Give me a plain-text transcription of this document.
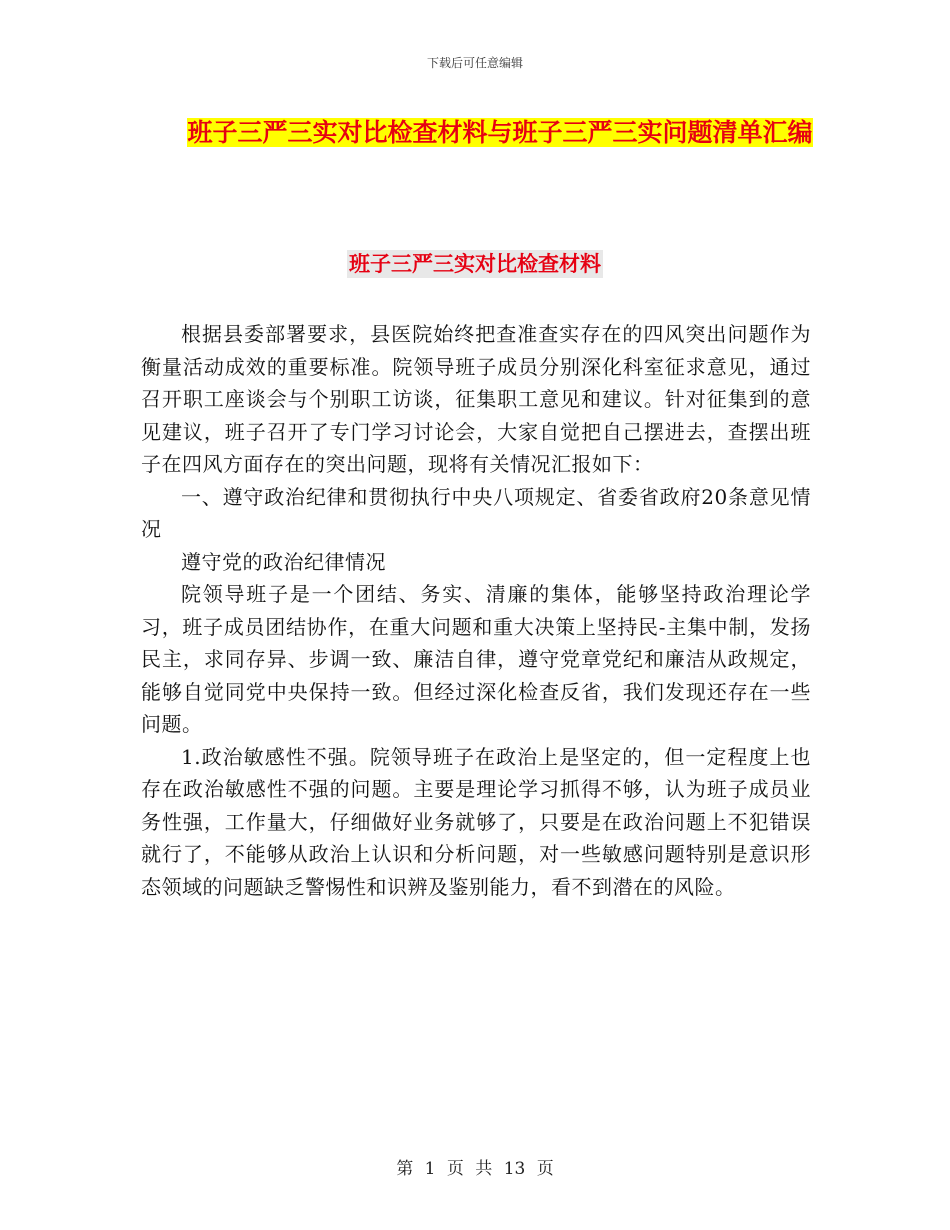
下载后可任意编辑
班子三严三实对比检查材料与班子三严三实问题清单汇编
班子三严三实对比检查材料

根据县委部署要求，县医院始终把查准查实存在的四风突出问题作为衡量活动成效的重要标准。院领导班子成员分别深化科室征求意见，通过召开职工座谈会与个别职工访谈，征集职工意见和建议。针对征集到的意见建议，班子召开了专门学习讨论会，大家自觉把自己摆进去，查摆出班子在四风方面存在的突出问题，现将有关情况汇报如下：

一、遵守政治纪律和贯彻执行中央八项规定、省委省政府20条意见情况

遵守党的政治纪律情况

院领导班子是一个团结、务实、清廉的集体，能够坚持政治理论学习，班子成员团结协作，在重大问题和重大决策上坚持民-主集中制，发扬民主，求同存异、步调一致、廉洁自律，遵守党章党纪和廉洁从政规定，能够自觉同党中央保持一致。但经过深化检查反省，我们发现还存在一些问题。

1.政治敏感性不强。院领导班子在政治上是坚定的，但一定程度上也存在政治敏感性不强的问题。主要是理论学习抓得不够，认为班子成员业务性强，工作量大，仔细做好业务就够了，只要是在政治问题上不犯错误就行了，不能够从政治上认识和分析问题，对一些敏感问题特别是意识形态领域的问题缺乏警惕性和识辨及鉴别能力，看不到潜在的风险。

第 1 页 共 13 页
